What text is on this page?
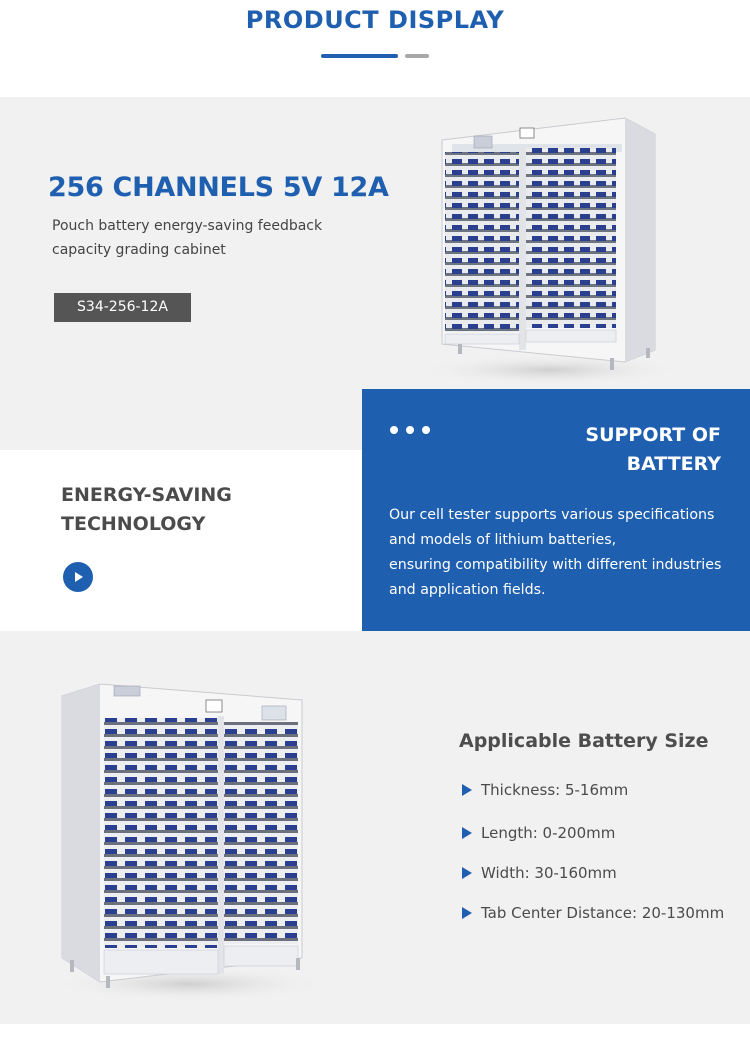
PRODUCT DISPLAY
256 CHANNELS 5V 12A
Pouch battery energy-saving feedback
capacity grading cabinet
S34-256-12A
ENERGY-SAVING
TECHNOLOGY
SUPPORT OF
BATTERY
Our cell tester supports various specifications
and models of lithium batteries,
ensuring compatibility with different industries
and application fields.
Applicable Battery Size
Thickness: 5-16mm
Length: 0-200mm
Width: 30-160mm
Tab Center Distance: 20-130mm
